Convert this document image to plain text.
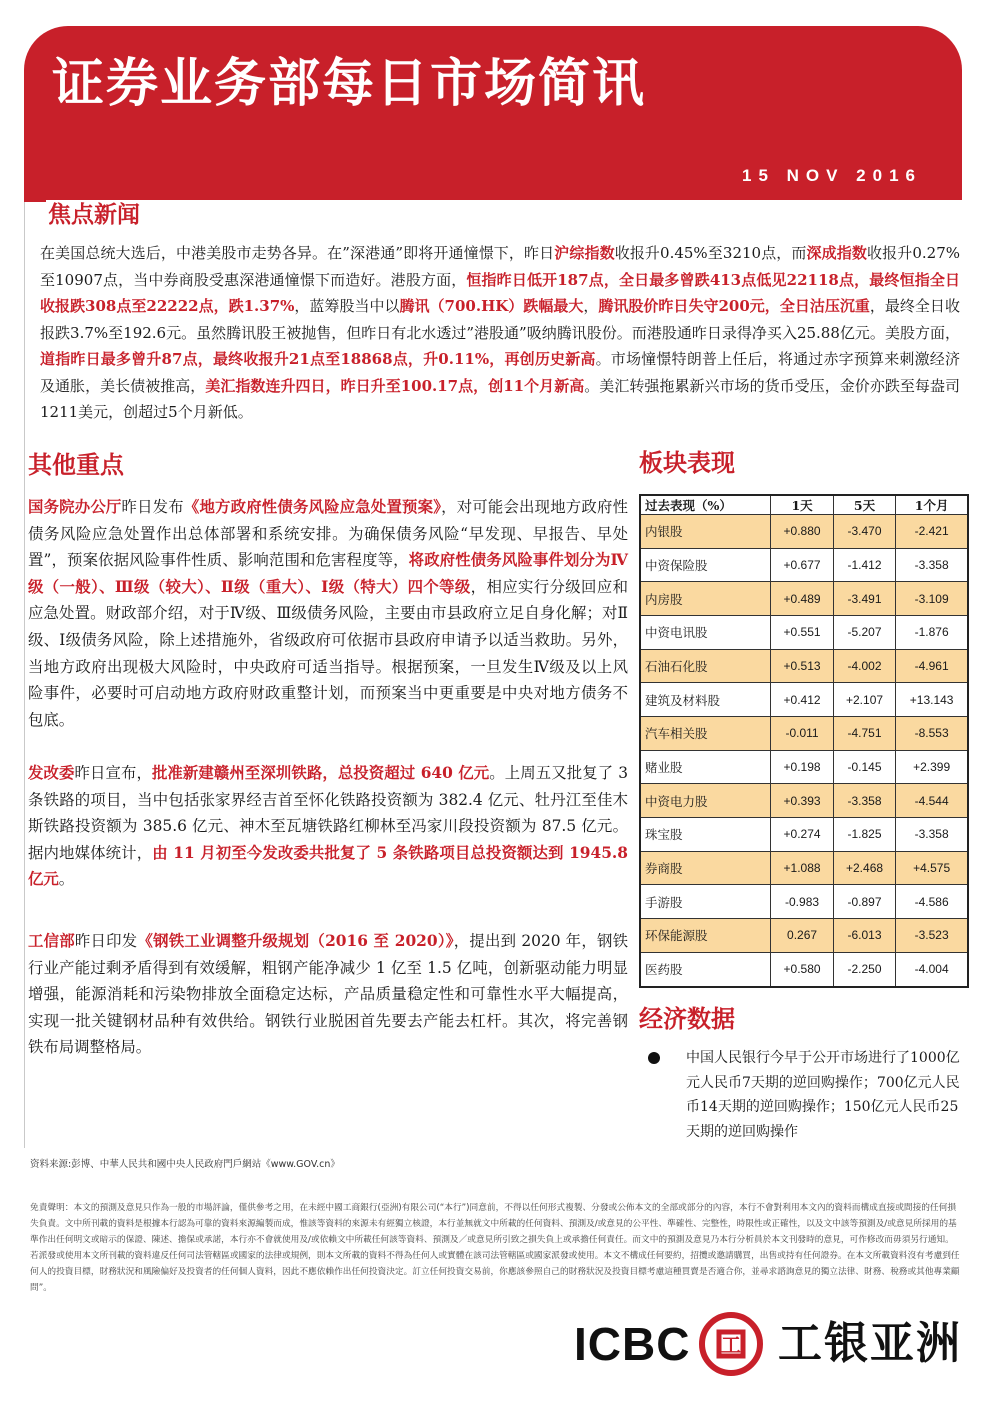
证券业务部每日市场简讯
15 NOV 2016
焦点新闻

在美国总统大选后，中港美股市走势各异。在”深港通”即将开通憧憬下，昨日沪综指数收报升0.45%至3210点，而深成指数收报升0.27%至10907点，当中券商股受惠深港通憧憬下而造好。港股方面，恒指昨日低开187点，全日最多曾跌413点低见22118点，最终恒指全日收报跌308点至22222点，跌1.37%，蓝筹股当中以腾讯（700.HK）跌幅最大，腾讯股价昨日失守200元，全日沽压沉重，最终全日收报跌3.7%至192.6元。虽然腾讯股王被抛售，但昨日有北水透过”港股通”吸纳腾讯股份。而港股通昨日录得净买入25.88亿元。美股方面，道指昨日最多曾升87点，最终收报升21点至18868点，升0.11%，再创历史新高。市场憧憬特朗普上任后，将通过赤字预算来刺激经济及通胀，美长债被推高，美汇指数连升四日，昨日升至100.17点，创11个月新高。美汇转强拖累新兴市场的货币受压，金价亦跌至每盎司1211美元，创超过5个月新低。

其他重点

国务院办公厅昨日发布《地方政府性债务风险应急处置预案》，对可能会出现地方政府性债务风险应急处置作出总体部署和系统安排。为确保债务风险“早发现、早报告、早处置”，预案依据风险事件性质、影响范围和危害程度等，将政府性债务风险事件划分为Ⅳ级（一般）、Ⅲ级（较大）、Ⅱ级（重大）、Ⅰ级（特大）四个等级，相应实行分级回应和应急处置。财政部介绍，对于Ⅳ级、Ⅲ级债务风险，主要由市县政府立足自身化解；对Ⅱ级、Ⅰ级债务风险，除上述措施外，省级政府可依据市县政府申请予以适当救助。另外，当地方政府出现极大风险时，中央政府可适当指导。根据预案，一旦发生Ⅳ级及以上风险事件，必要时可启动地方政府财政重整计划，而预案当中更重要是中央对地方债务不包底。

发改委昨日宣布，批准新建赣州至深圳铁路，总投资超过 640 亿元。上周五又批复了 3 条铁路的项目，当中包括张家界经吉首至怀化铁路投资额为 382.4 亿元、牡丹江至佳木斯铁路投资额为 385.6 亿元、神木至瓦塘铁路红柳林至冯家川段投资额为 87.5 亿元。据内地媒体统计，由 11 月初至今发改委共批复了 5 条铁路项目总投资额达到 1945.8 亿元。

工信部昨日印发《钢铁工业调整升级规划（2016 至 2020）》，提出到 2020 年，钢铁行业产能过剩矛盾得到有效缓解，粗钢产能净减少 1 亿至 1.5 亿吨，创新驱动能力明显增强，能源消耗和污染物排放全面稳定达标，产品质量稳定性和可靠性水平大幅提高，实现一批关键钢材品种有效供给。钢铁行业脱困首先要去产能去杠杆。其次，将完善钢铁布局调整格局。

板块表现
过去表现（%）	1天	5天	1个月
内银股	+0.880	-3.470	-2.421
中资保险股	+0.677	-1.412	-3.358
内房股	+0.489	-3.491	-3.109
中资电讯股	+0.551	-5.207	-1.876
石油石化股	+0.513	-4.002	-4.961
建筑及材料股	+0.412	+2.107	+13.143
汽车相关股	-0.011	-4.751	-8.553
赌业股	+0.198	-0.145	+2.399
中资电力股	+0.393	-3.358	-4.544
珠宝股	+0.274	-1.825	-3.358
券商股	+1.088	+2.468	+4.575
手游股	-0.983	-0.897	-4.586
环保能源股	0.267	-6.013	-3.523
医药股	+0.580	-2.250	-4.004
经济数据
中国人民银行今早于公开市场进行了1000亿元人民币7天期的逆回购操作；700亿元人民币14天期的逆回购操作；150亿元人民币25天期的逆回购操作

资料来源:彭博、中華人民共和國中央人民政府門戶網站《www.GOV.cn》

免責聲明：本文的預測及意見只作為一般的市場評論，僅供參考之用，在未經中國工商銀行(亞洲)有限公司(“本行”)同意前，不得以任何形式複製、分發或公佈本文的全部或部分的內容，本行不會對利用本文內的資料而構成直接或間接的任何損失負責。文中所刊載的資料是根據本行認為可靠的資料來源編製而成，惟該等資料的來源未有經獨立核證，本行並無就文中所載的任何資料、預測及/或意見的公平性、準確性、完整性，時限性或正確性，以及文中該等預測及/或意見所採用的基準作出任何明文或暗示的保證、陳述、擔保或承諾，本行亦不會就使用及/或依賴文中所載任何該等資料、預測及／或意見所引致之損失負上或承擔任何責任。而文中的預測及意見乃本行分析員於本文刊發時的意見，可作修改而毋須另行通知。若派發或使用本文所刊載的資料違反任何司法管轄區或國家的法律或規例，則本文所載的資料不得為任何人或實體在該司法管轄區或國家派發或使用。本文不構成任何要約，招攬或邀請購買，出售或持有任何證券。在本文所載資料沒有考慮到任何人的投資目標，財務狀況和風險偏好及投資者的任何個人資料，因此不應依賴作出任何投資決定。訂立任何投資交易前，你應該參照自己的財務狀況及投資目標考慮這種買賣是否適合你，並尋求諮詢意見的獨立法律、財務、稅務或其他專業顧問”。

ICBC 工 工银亚洲
